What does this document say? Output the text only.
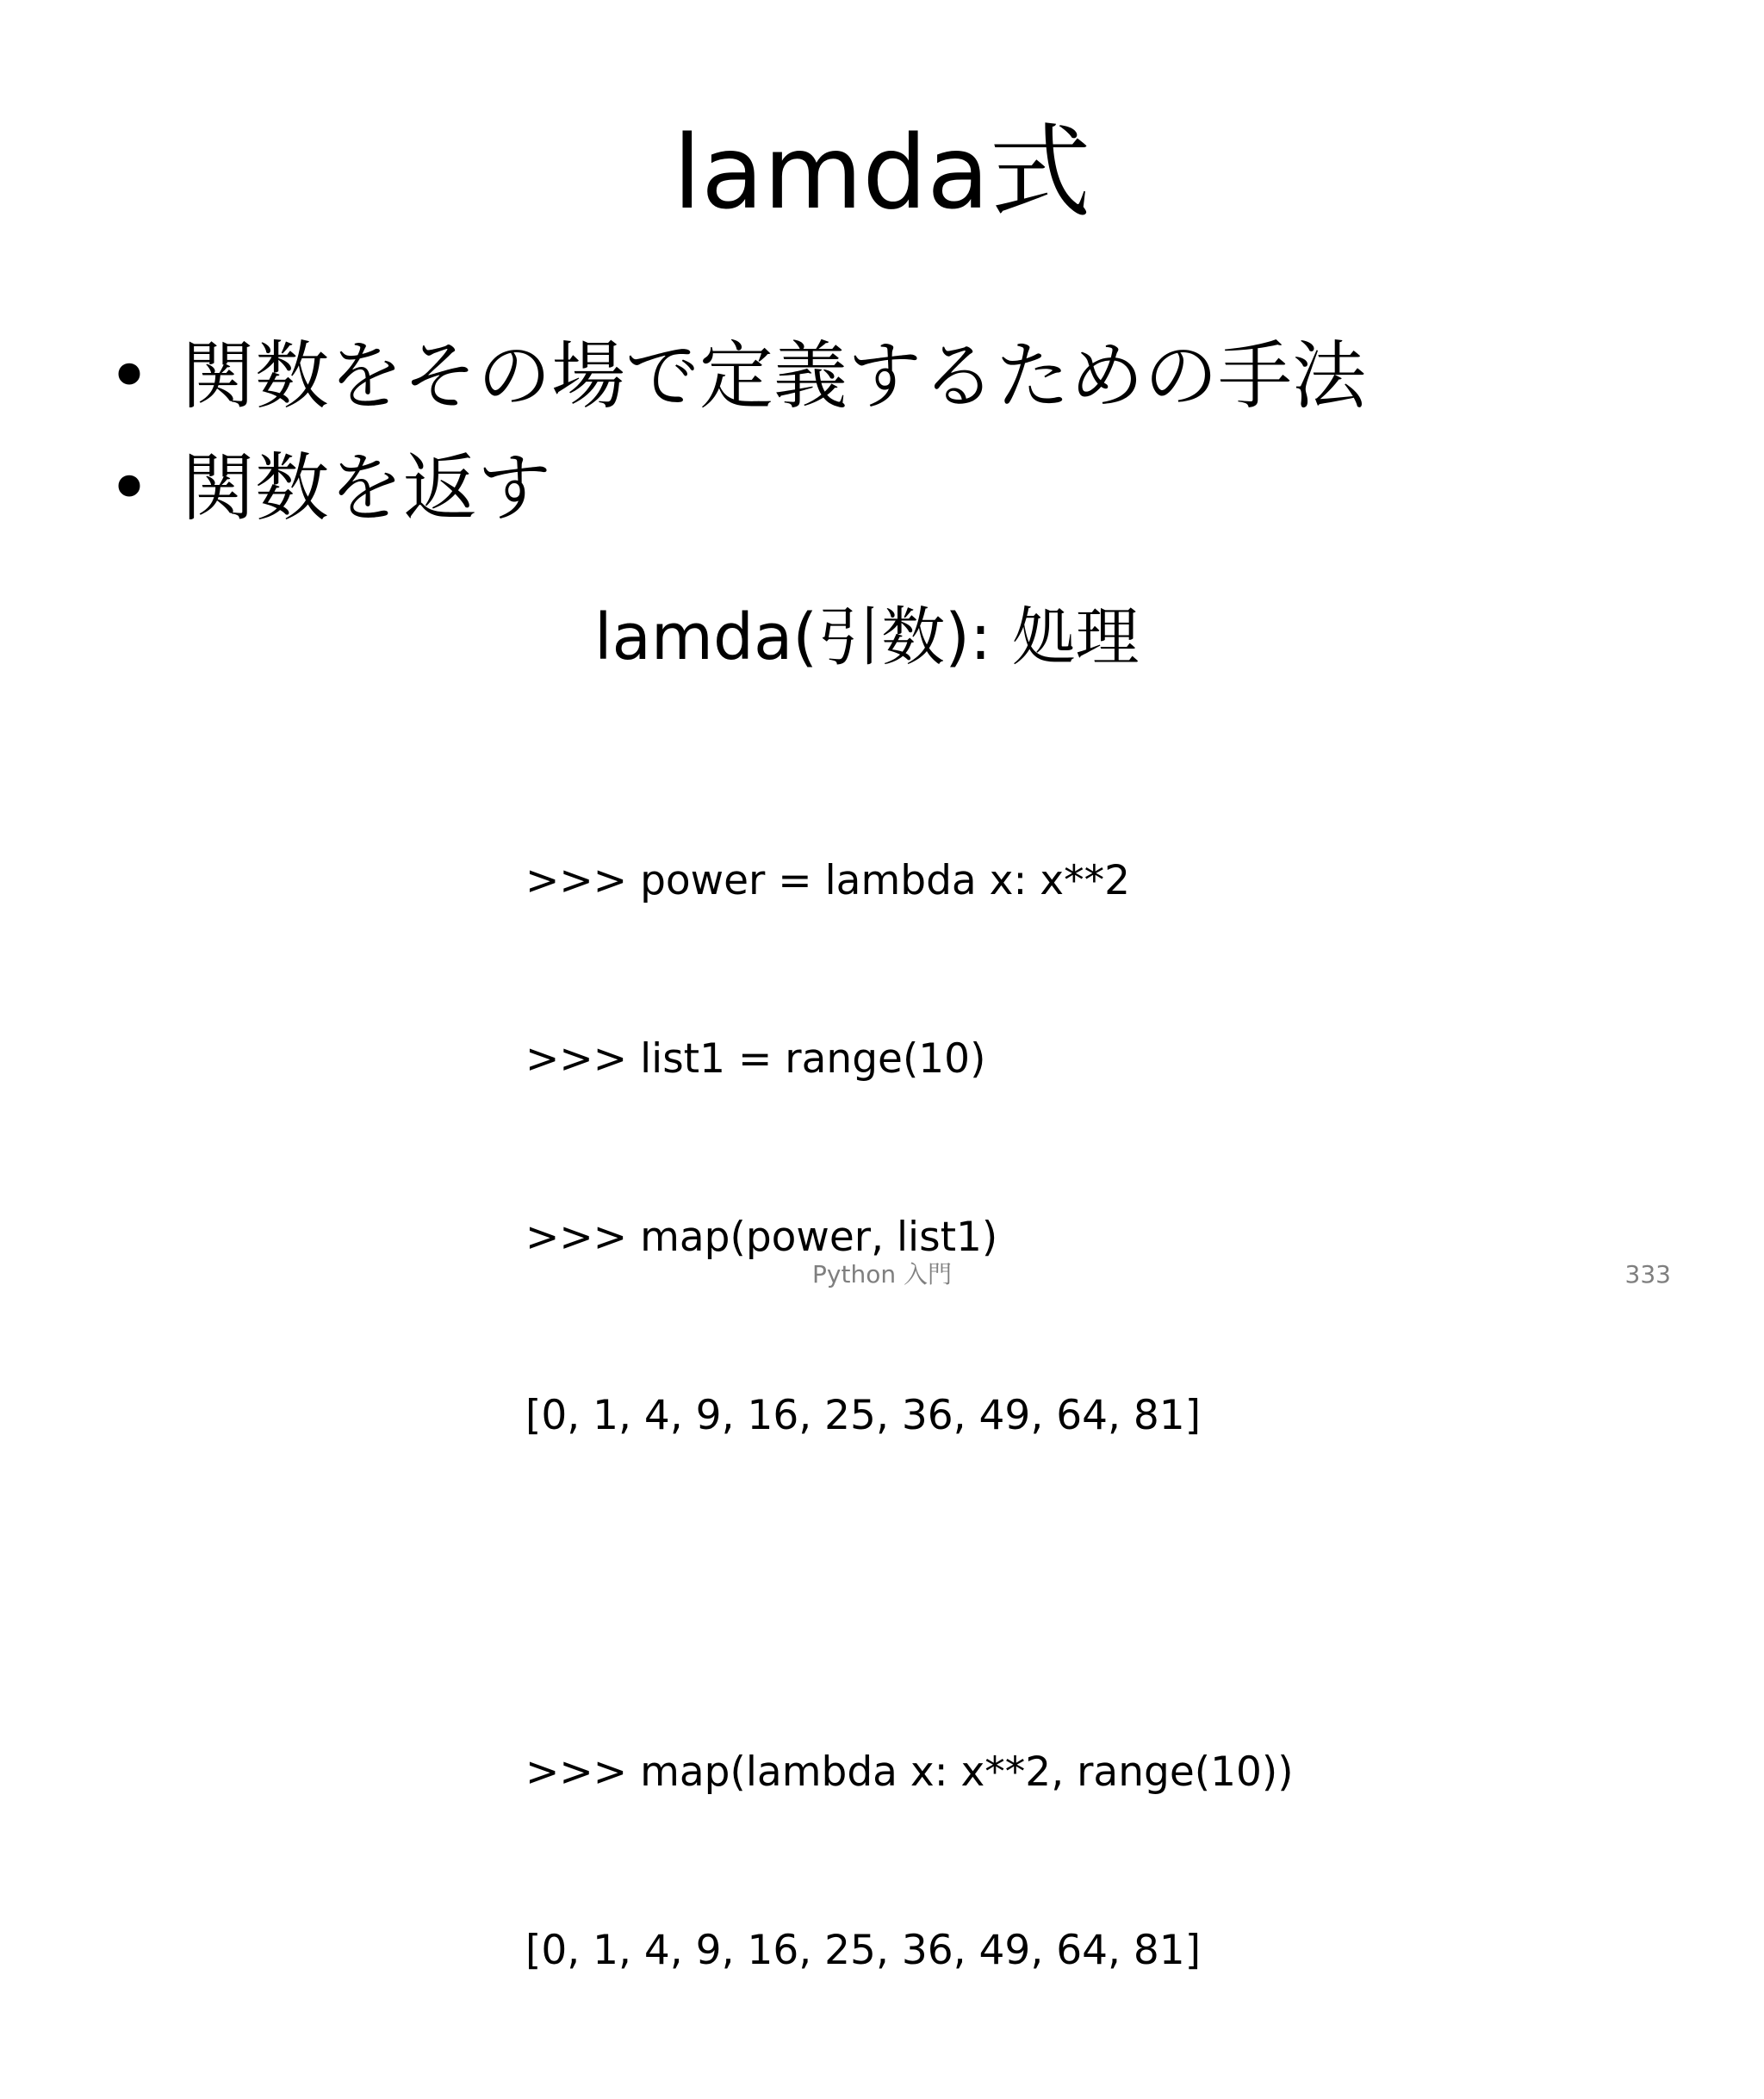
lamda式
• 関数をその場で定義するための手法
• 関数を返す
lamda(引数): 処理

>>> power = lambda x: x**2

>>> list1 = range(10)

>>> map(power, list1)

[0, 1, 4, 9, 16, 25, 36, 49, 64, 81]

>>> map(lambda x: x**2, range(10))

[0, 1, 4, 9, 16, 25, 36, 49, 64, 81]

Python 入門	333
